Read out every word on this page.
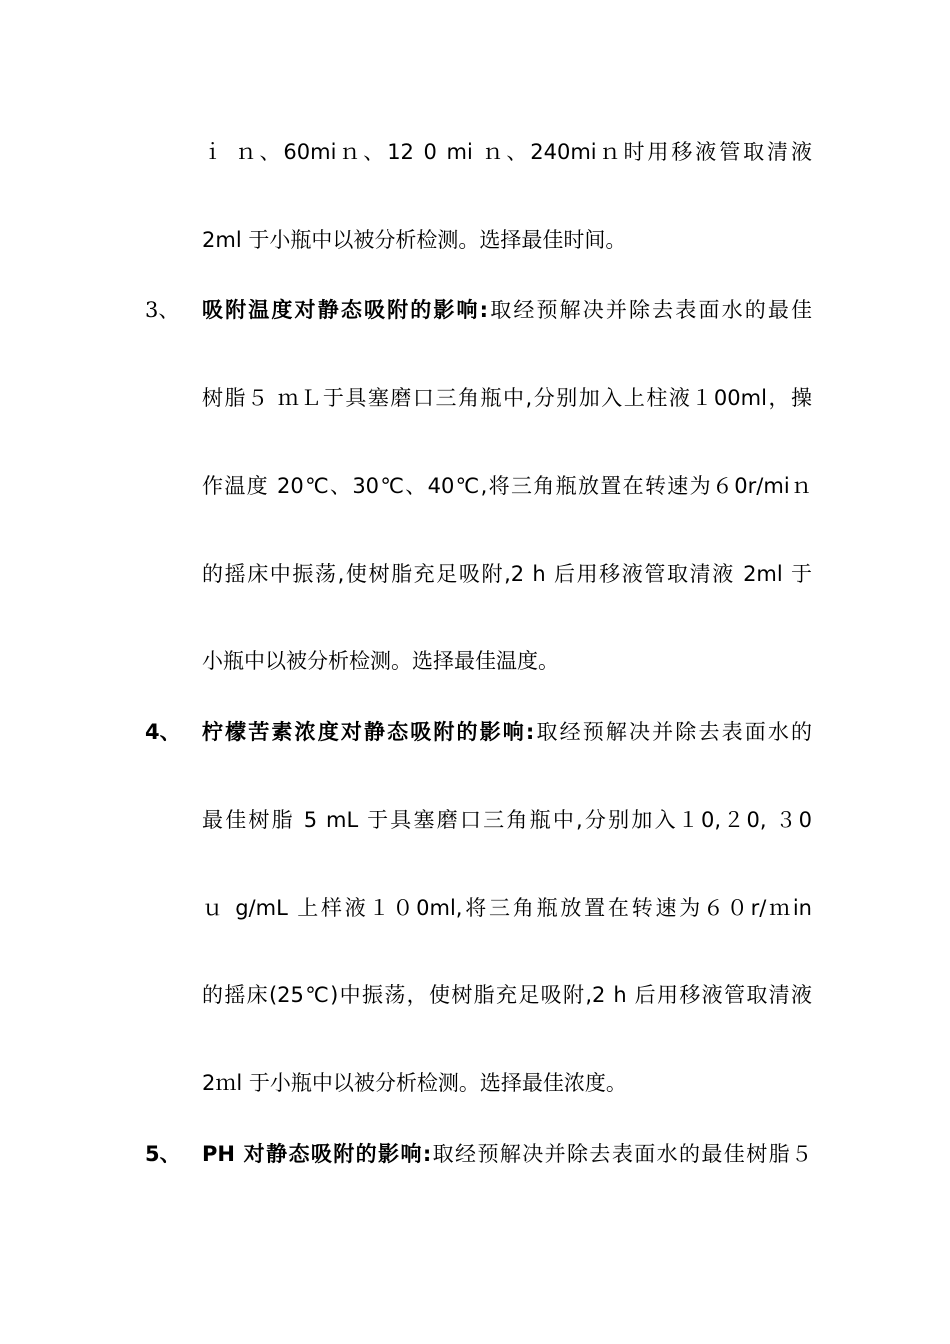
ｉ ｎ、60miｎ、12 0 mi ｎ、240miｎ时用移液管取清液
2ml 于小瓶中以被分析检测。选择最佳时间。
3、 吸附温度对静态吸附的影响:取经预解决并除去表面水的最佳
树脂５ ｍＬ于具塞磨口三角瓶中,分别加入上柱液１00ml，操
作温度 20℃、30℃、40℃,将三角瓶放置在转速为６0r/miｎ
的摇床中振荡,使树脂充足吸附,2 h 后用移液管取清液 2ml 于
小瓶中以被分析检测。选择最佳温度。
4、 柠檬苦素浓度对静态吸附的影响:取经预解决并除去表面水的
最佳树脂 5 mL 于具塞磨口三角瓶中,分别加入１0,２0, ３0
ｕ g/mL 上样液１０0ml,将三角瓶放置在转速为６０r/ｍin
的摇床(25℃)中振荡，使树脂充足吸附,2 h 后用移液管取清液
2ｍl 于小瓶中以被分析检测。选择最佳浓度。
5、 PH 对静态吸附的影响:取经预解决并除去表面水的最佳树脂５
